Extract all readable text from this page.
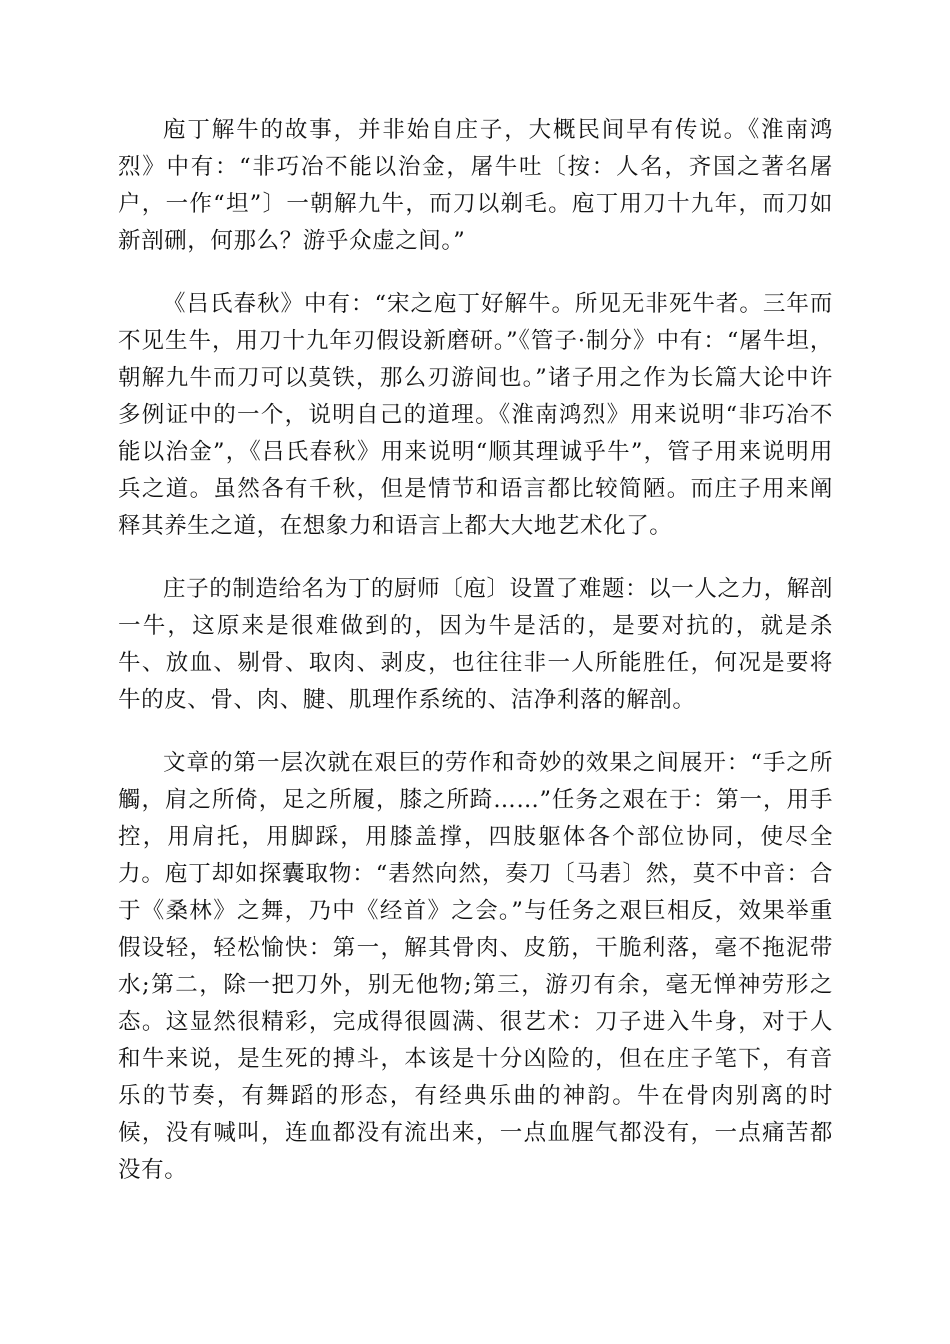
庖丁解牛的故事，并非始自庄子，大概民间早有传说。《淮南鸿烈》中有：“非巧冶不能以治金，屠牛吐〔按：人名，齐国之著名屠户，一作“坦”〕一朝解九牛，而刀以剃毛。庖丁用刀十九年，而刀如新剖硎，何那么？游乎众虚之间。”

《吕氏春秋》中有：“宋之庖丁好解牛。所见无非死牛者。三年而不见生牛，用刀十九年刃假设新磨研。”《管子·制分》中有：“屠牛坦，朝解九牛而刀可以莫铁，那么刃游间也。”诸子用之作为长篇大论中许多例证中的一个，说明自己的道理。《淮南鸿烈》用来说明“非巧冶不能以治金”，《吕氏春秋》用来说明“顺其理诚乎牛”，管子用来说明用兵之道。虽然各有千秋，但是情节和语言都比较简陋。而庄子用来阐释其养生之道，在想象力和语言上都大大地艺术化了。

庄子的制造给名为丁的厨师〔庖〕设置了难题：以一人之力，解剖一牛，这原来是很难做到的，因为牛是活的，是要对抗的，就是杀牛、放血、剔骨、取肉、剥皮，也往往非一人所能胜任，何况是要将牛的皮、骨、肉、腱、肌理作系统的、洁净利落的解剖。

文章的第一层次就在艰巨的劳作和奇妙的效果之间展开：“手之所觸，肩之所倚，足之所履，膝之所踦……”任务之艰在于：第一，用手控，用肩托，用脚踩，用膝盖撑，四肢躯体各个部位协同，使尽全力。庖丁却如探囊取物：“砉然向然，奏刀〔马砉〕然，莫不中音：合于《桑林》之舞，乃中《经首》之会。”与任务之艰巨相反，效果举重假设轻，轻松愉快：第一，解其骨肉、皮筋，干脆利落，毫不拖泥带水;第二，除一把刀外，别无他物;第三，游刃有余，毫无惮神劳形之态。这显然很精彩，完成得很圆满、很艺术：刀子进入牛身，对于人和牛来说，是生死的搏斗，本该是十分凶险的，但在庄子笔下，有音乐的节奏，有舞蹈的形态，有经典乐曲的神韵。牛在骨肉别离的时候，没有喊叫，连血都没有流出来，一点血腥气都没有，一点痛苦都没有。
